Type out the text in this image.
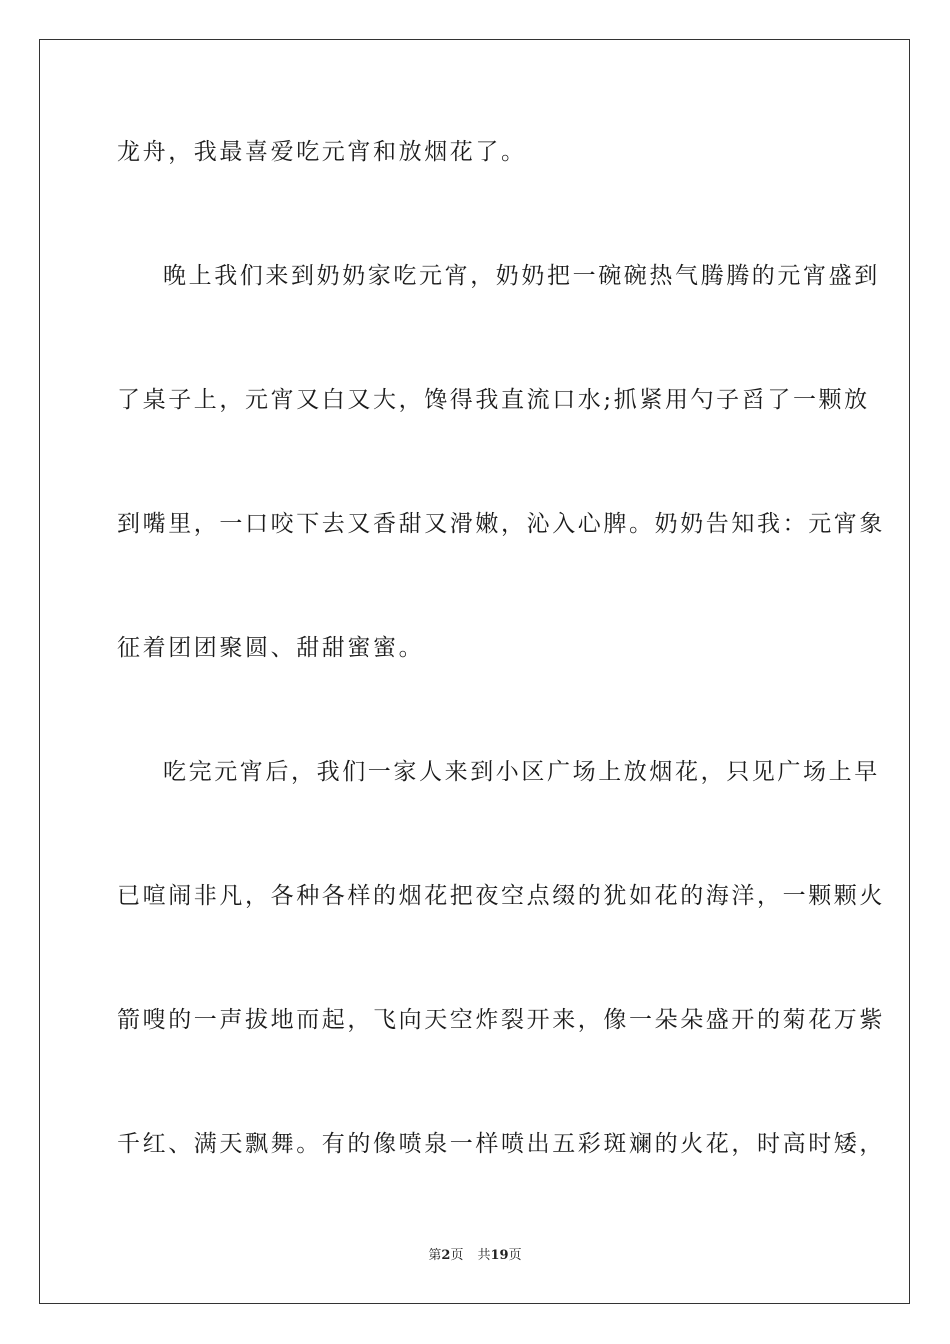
龙舟，我最喜爱吃元宵和放烟花了。
晚上我们来到奶奶家吃元宵，奶奶把一碗碗热气腾腾的元宵盛到
了桌子上，元宵又白又大，馋得我直流口水;抓紧用勺子舀了一颗放
到嘴里，一口咬下去又香甜又滑嫩，沁入心脾。奶奶告知我：元宵象
征着团团聚圆、甜甜蜜蜜。
吃完元宵后，我们一家人来到小区广场上放烟花，只见广场上早
已喧闹非凡，各种各样的烟花把夜空点缀的犹如花的海洋，一颗颗火
箭嗖的一声拔地而起，飞向天空炸裂开来，像一朵朵盛开的菊花万紫
千红、满天飘舞。有的像喷泉一样喷出五彩斑斓的火花，时高时矮，
第2页 共19页
